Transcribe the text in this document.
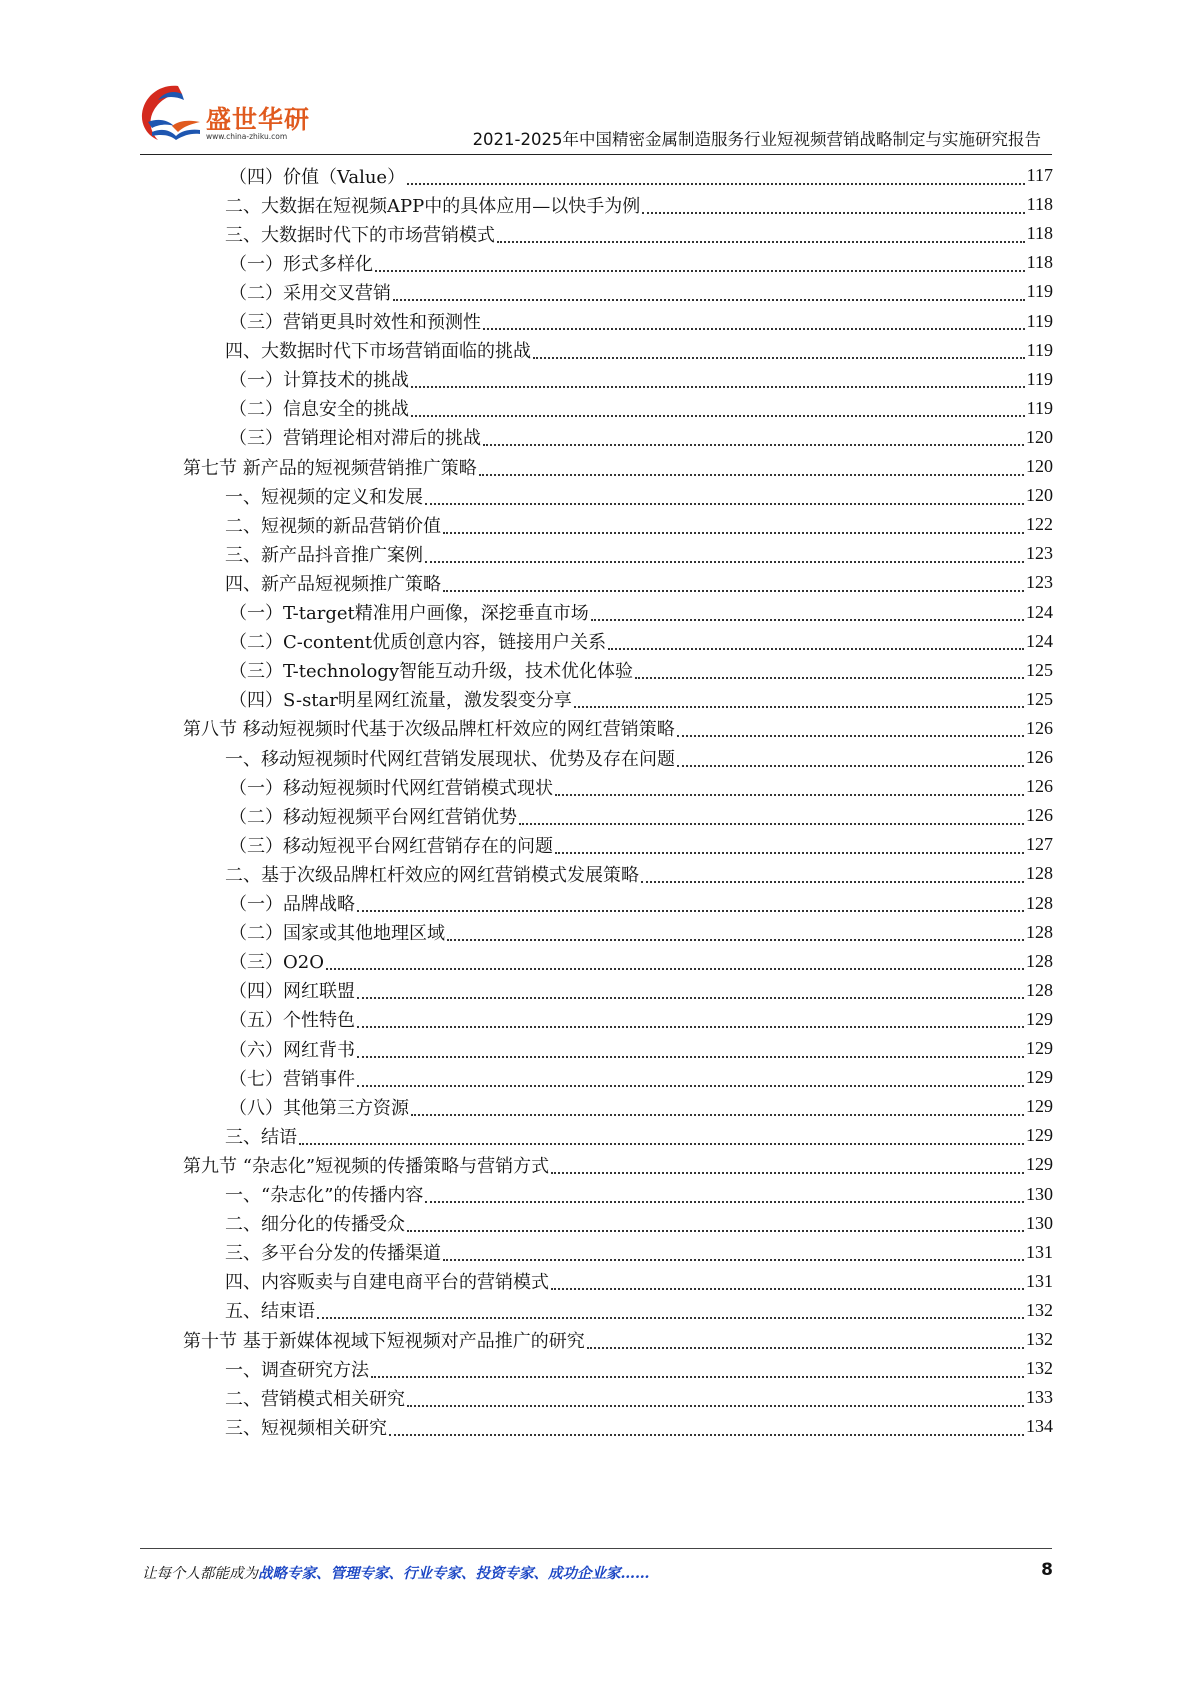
盛世华研
www.china-zhiku.com	2021-2025年中国精密金属制造服务行业短视频营销战略制定与实施研究报告
（四）价值（Value）	117
二、大数据在短视频APP中的具体应用—以快手为例	118
三、大数据时代下的市场营销模式	118
（一）形式多样化	118
（二）采用交叉营销	119
（三）营销更具时效性和预测性	119
四、大数据时代下市场营销面临的挑战	119
（一）计算技术的挑战	119
（二）信息安全的挑战	119
（三）营销理论相对滞后的挑战	120
第七节 新产品的短视频营销推广策略	120
一、短视频的定义和发展	120
二、短视频的新品营销价值	122
三、新产品抖音推广案例	123
四、新产品短视频推广策略	123
（一）T-target精准用户画像，深挖垂直市场	124
（二）C-content优质创意内容，链接用户关系	124
（三）T-technology智能互动升级，技术优化体验	125
（四）S-star明星网红流量，激发裂变分享	125
第八节 移动短视频时代基于次级品牌杠杆效应的网红营销策略	126
一、移动短视频时代网红营销发展现状、优势及存在问题	126
（一）移动短视频时代网红营销模式现状	126
（二）移动短视频平台网红营销优势	126
（三）移动短视平台网红营销存在的问题	127
二、基于次级品牌杠杆效应的网红营销模式发展策略	128
（一）品牌战略	128
（二）国家或其他地理区域	128
（三）O2O	128
（四）网红联盟	128
（五）个性特色	129
（六）网红背书	129
（七）营销事件	129
（八）其他第三方资源	129
三、结语	129
第九节 “杂志化”短视频的传播策略与营销方式	129
一、“杂志化”的传播内容	130
二、细分化的传播受众	130
三、多平台分发的传播渠道	131
四、内容贩卖与自建电商平台的营销模式	131
五、结束语	132
第十节 基于新媒体视域下短视频对产品推广的研究	132
一、调查研究方法	132
二、营销模式相关研究	133
三、短视频相关研究	134
让每个人都能成为战略专家、管理专家、行业专家、投资专家、成功企业家……	8
